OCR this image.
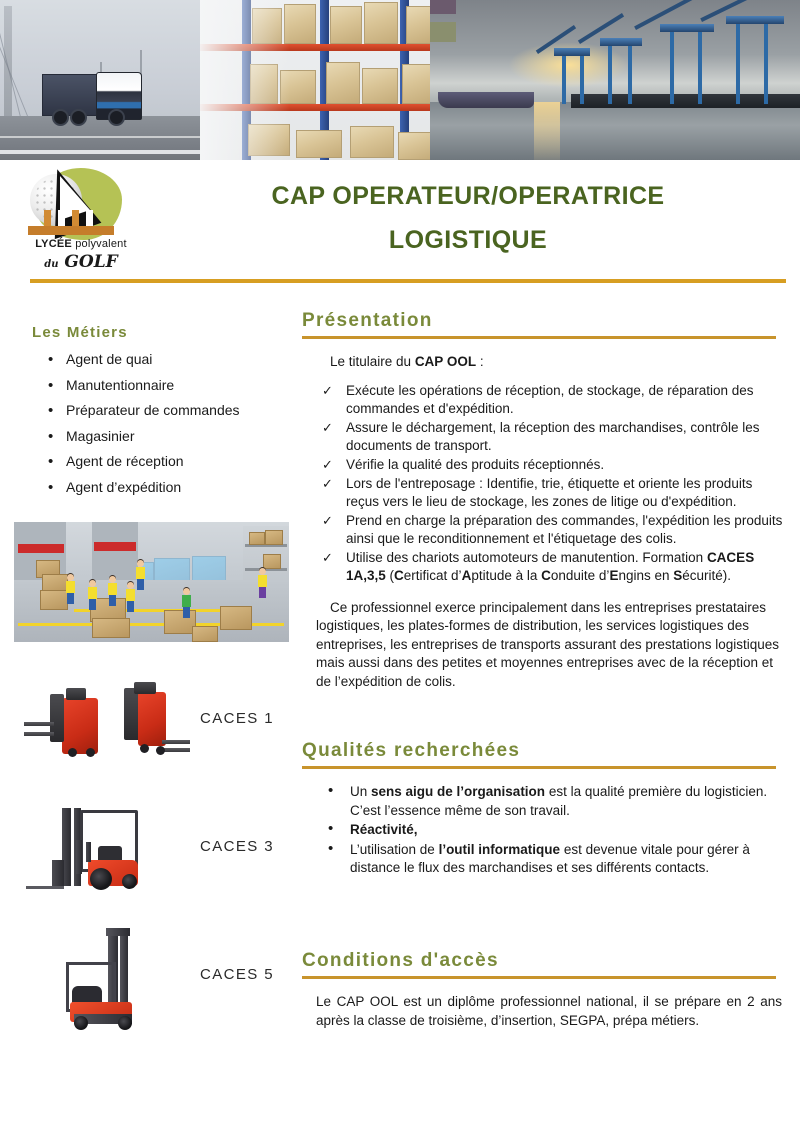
LYCÉE polyvalent
du GOLF
CAP OPERATEUR/OPERATRICE
LOGISTIQUE
Les Métiers
• Agent de quai
• Manutentionnaire
• Préparateur de commandes
• Magasinier
• Agent de réception
• Agent d’expédition
CACES 1
CACES 3
CACES 5
Présentation

Le titulaire du CAP OOL :

✓ Exécute les opérations de réception, de stockage, de réparation des commandes et d'expédition.
✓ Assure le déchargement, la réception des marchandises, contrôle les documents de transport.
✓ Vérifie la qualité des produits réceptionnés.
✓ Lors de l'entreposage : Identifie, trie, étiquette et oriente les produits reçus vers le lieu de stockage, les zones de litige ou d'expédition.
✓ Prend en charge la préparation des commandes, l'expédition les produits ainsi que le reconditionnement et l'étiquetage des colis.
✓ Utilise des chariots automoteurs de manutention. Formation CACES 1A,3,5 (Certificat d’Aptitude à la Conduite d’Engins en Sécurité).

Ce professionnel exerce principalement dans les entreprises prestataires logistiques, les plates-formes de distribution, les services logistiques des entreprises, les entreprises de transports assurant des prestations logistiques mais aussi dans des petites et moyennes entreprises avec de la réception et de l’expédition de colis.

Qualités recherchées
• Un sens aigu de l’organisation est la qualité première du logisticien. C’est l’essence même de son travail.
• Réactivité,
• L’utilisation de l’outil informatique est devenue vitale pour gérer à distance le flux des marchandises et ses différents contacts.
Conditions d'accès

Le CAP OOL est un diplôme professionnel national, il se prépare en 2 ans après la classe de troisième, d’insertion, SEGPA, prépa métiers.
